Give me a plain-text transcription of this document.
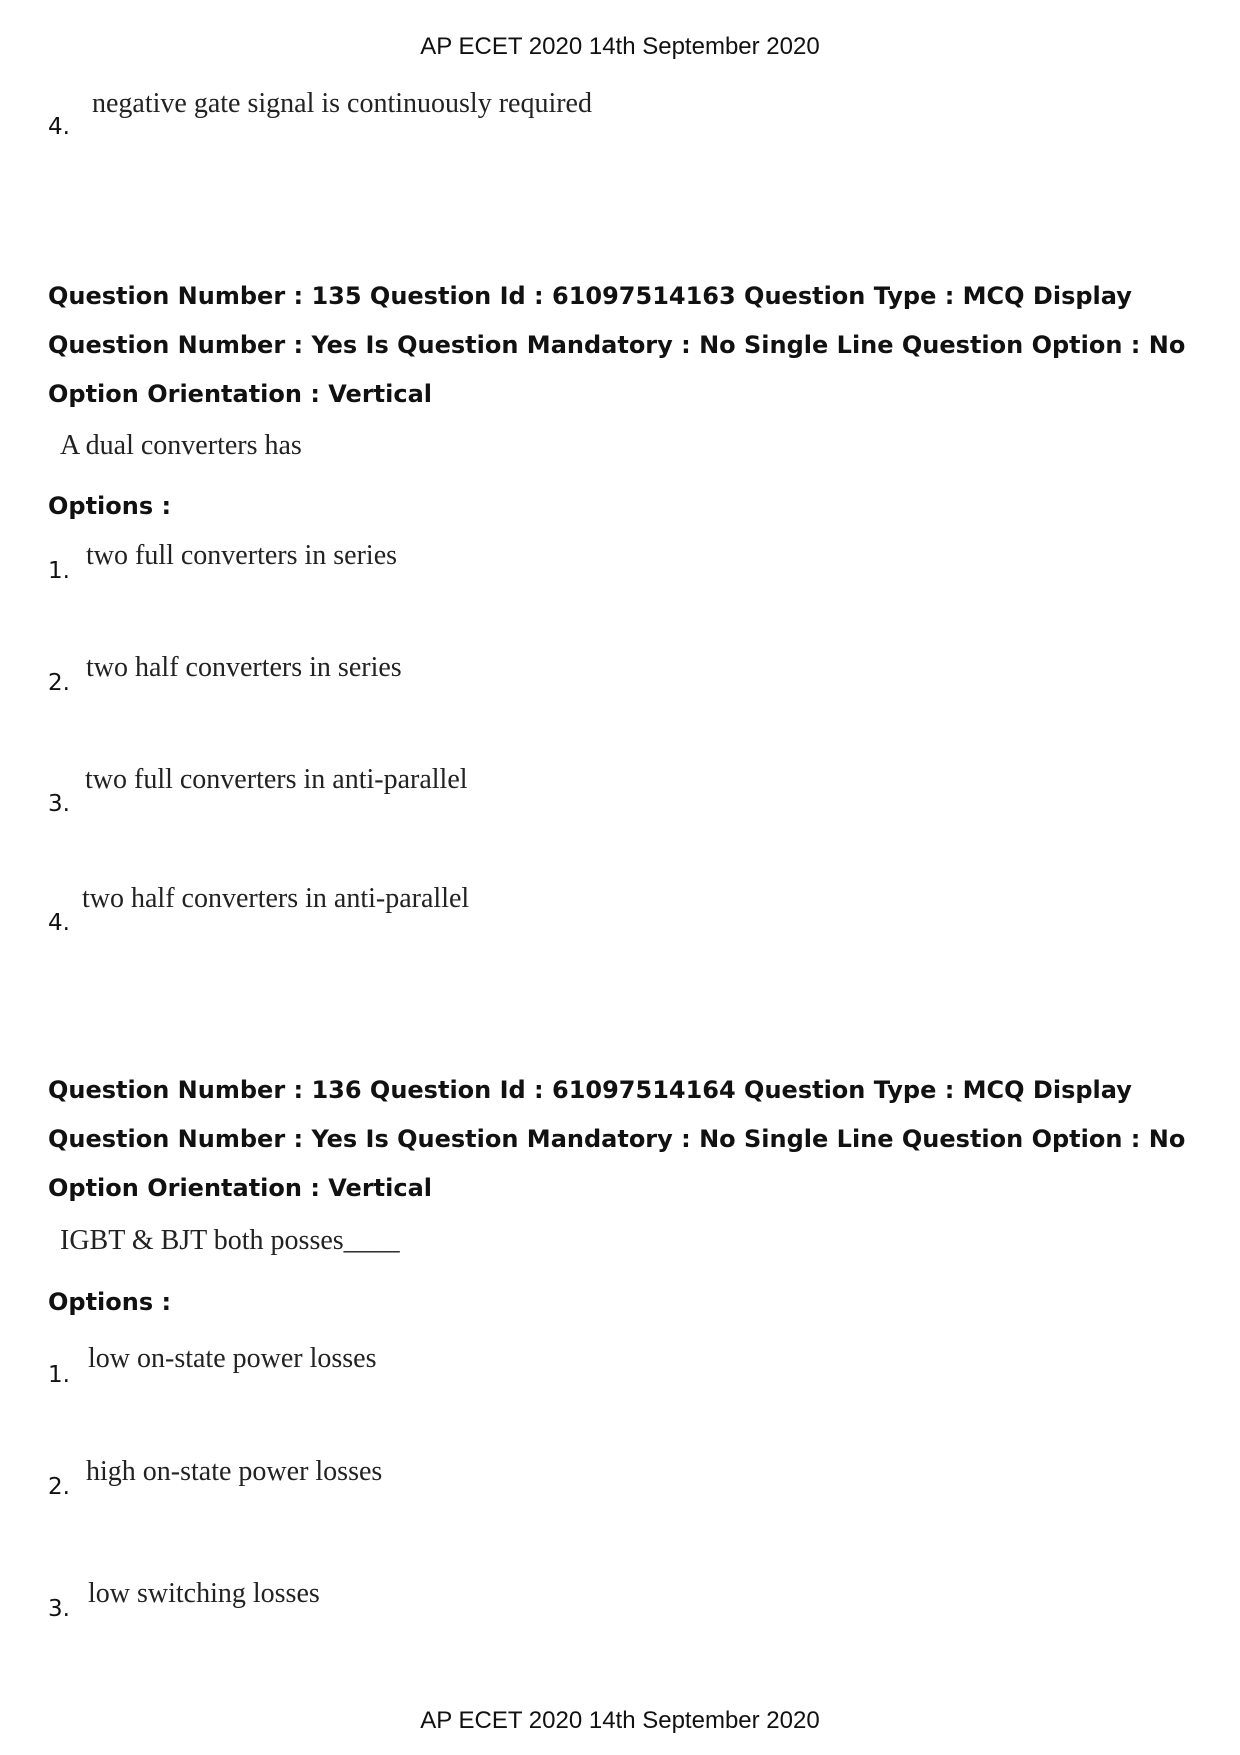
AP ECET 2020 14th September 2020
4.
negative gate signal is continuously required
Question Number : 135 Question Id : 61097514163 Question Type : MCQ Display Question Number : Yes Is Question Mandatory : No Single Line Question Option : No Option Orientation : Vertical
A dual converters has
Options :
1. two full converters in series
2. two half converters in series
3.
two full converters in anti-parallel
4.
two half converters in anti-parallel
Question Number : 136 Question Id : 61097514164 Question Type : MCQ Display Question Number : Yes Is Question Mandatory : No Single Line Question Option : No Option Orientation : Vertical
IGBT & BJT both posses____
Options :
1.
low on-state power losses
2. high on-state power losses
3. low switching losses
AP ECET 2020 14th September 2020
